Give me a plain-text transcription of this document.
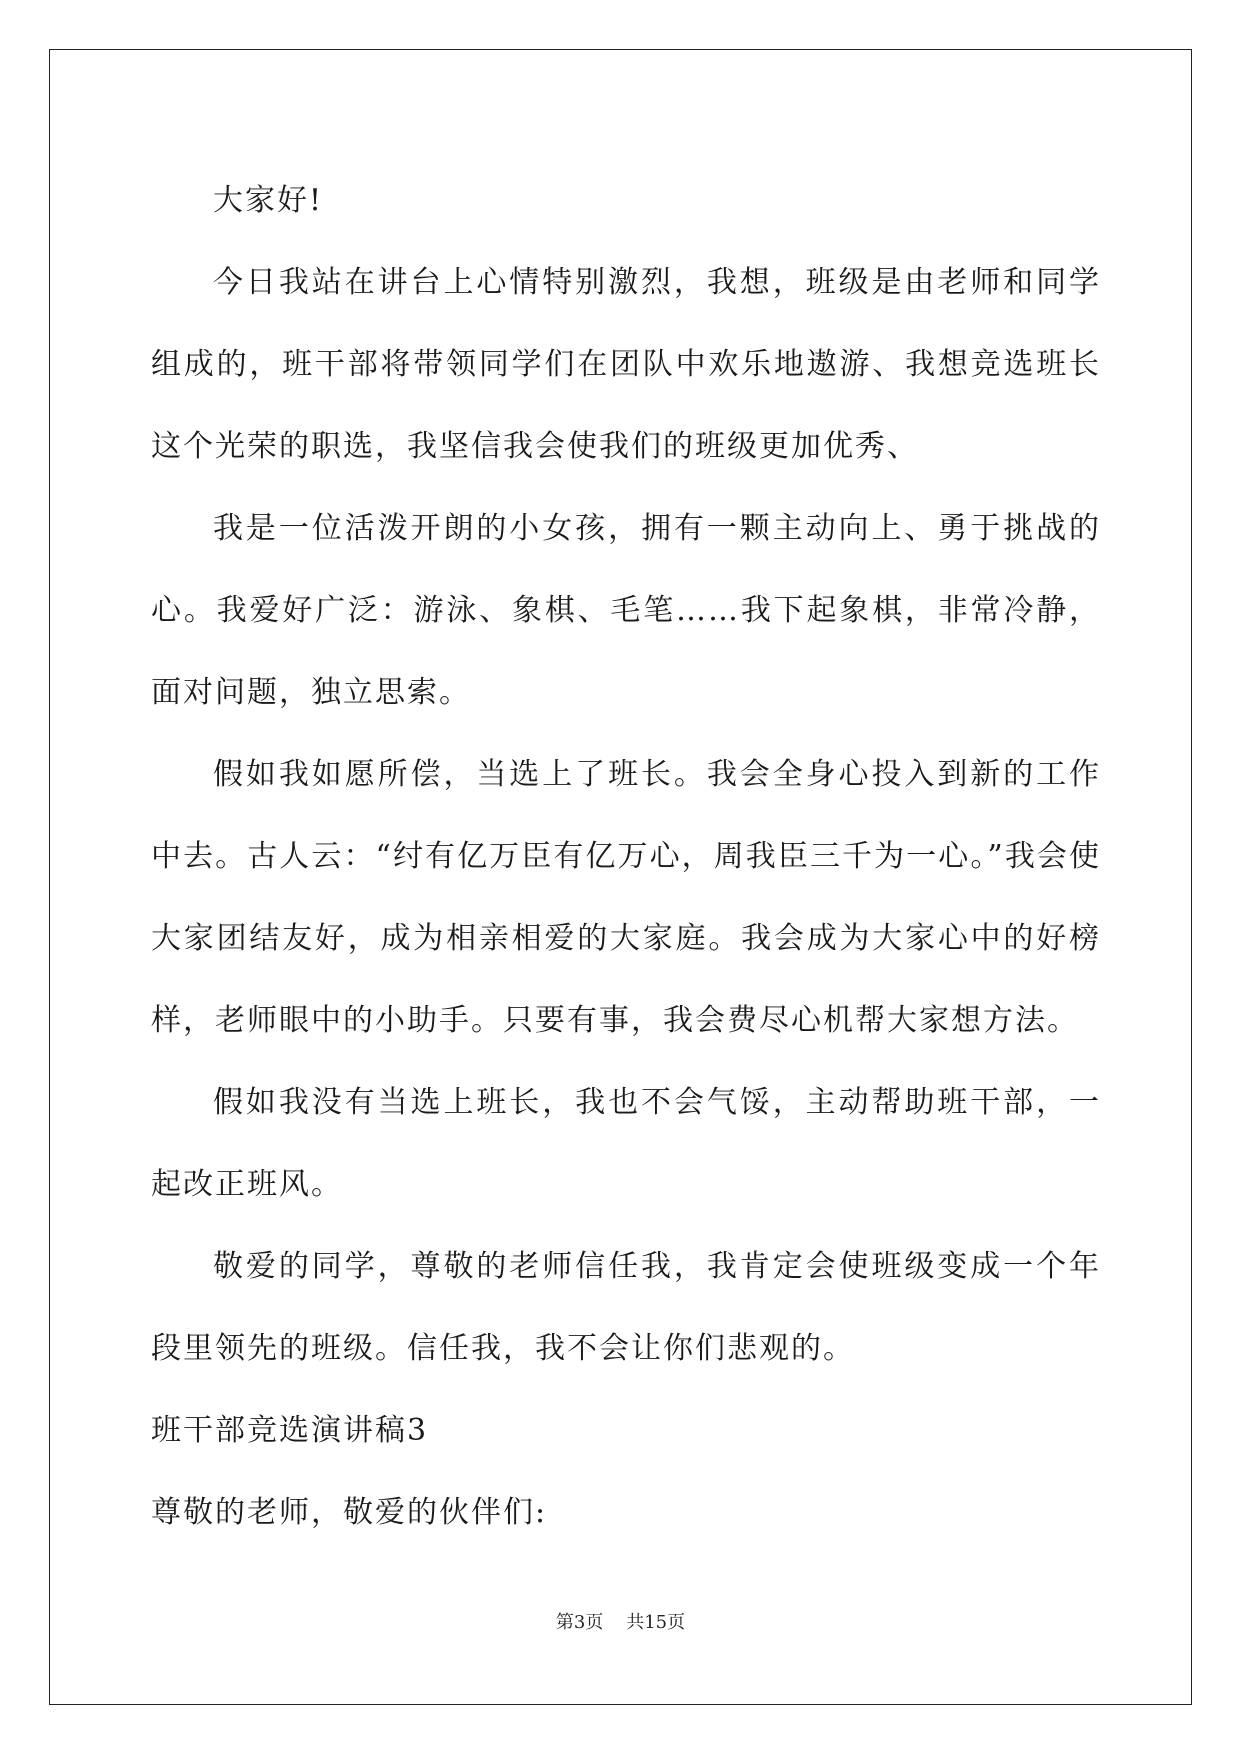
大家好!

今日我站在讲台上心情特别激烈，我想，班级是由老师和同学组成的，班干部将带领同学们在团队中欢乐地遨游、我想竞选班长这个光荣的职选，我坚信我会使我们的班级更加优秀、

我是一位活泼开朗的小女孩，拥有一颗主动向上、勇于挑战的心。我爱好广泛：游泳、象棋、毛笔……我下起象棋，非常冷静，面对问题，独立思索。

假如我如愿所偿，当选上了班长。我会全身心投入到新的工作中去。古人云：“纣有亿万臣有亿万心，周我臣三千为一心。”我会使大家团结友好，成为相亲相爱的大家庭。我会成为大家心中的好榜样，老师眼中的小助手。只要有事，我会费尽心机帮大家想方法。

假如我没有当选上班长，我也不会气馁，主动帮助班干部，一起改正班风。

敬爱的同学，尊敬的老师信任我，我肯定会使班级变成一个年段里领先的班级。信任我，我不会让你们悲观的。

班干部竞选演讲稿3

尊敬的老师，敬爱的伙伴们:

第3页    共15页
